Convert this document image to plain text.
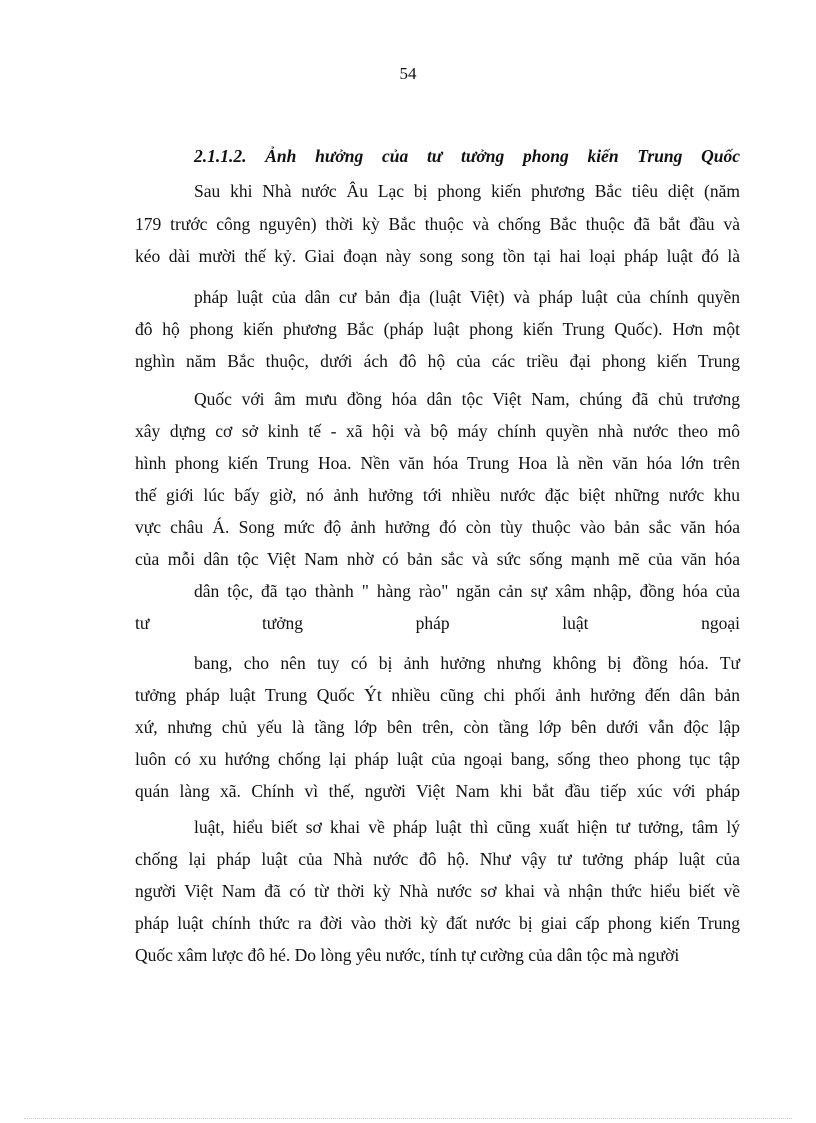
54
2.1.1.2. Ảnh hưởng của tư tưởng phong kiến Trung Quốc
Sau khi Nhà nước Âu Lạc bị phong kiến phương Bắc tiêu diệt (năm
179 trước công nguyên) thời kỳ Bắc thuộc và chống Bắc thuộc đã bắt đầu và
kéo dài mười thế kỷ. Giai đoạn này song song tồn tại hai loại pháp luật đó là
pháp luật của dân cư bản địa (luật Việt) và pháp luật của chính quyền
đô hộ phong kiến phương Bắc (pháp luật phong kiến Trung Quốc). Hơn một
nghìn năm Bắc thuộc, dưới ách đô hộ của các triều đại phong kiến Trung
Quốc với âm mưu đồng hóa dân tộc Việt Nam, chúng đã chủ trương
xây dựng cơ sở kinh tế - xã hội và bộ máy chính quyền nhà nước theo mô
hình phong kiến Trung Hoa. Nền văn hóa Trung Hoa là nền văn hóa lớn trên
thế giới lúc bấy giờ, nó ảnh hưởng tới nhiều nước đặc biệt những nước khu
vực châu Á. Song mức độ ảnh hưởng đó còn tùy thuộc vào bản sắc văn hóa
của mỗi dân tộc Việt Nam nhờ có bản sắc và sức sống mạnh mẽ của văn hóa
dân tộc, đã tạo thành " hàng rào" ngăn cản sự xâm nhập, đồng hóa của
tư tưởng pháp luật ngoại
bang, cho nên tuy có bị ảnh hưởng nhưng không bị đồng hóa. Tư
tưởng pháp luật Trung Quốc Ýt nhiều cũng chi phối ảnh hưởng đến dân bản
xứ, nhưng chủ yếu là tầng lớp bên trên, còn tầng lớp bên dưới vẫn độc lập
luôn có xu hướng chống lại pháp luật của ngoại bang, sống theo phong tục tập
quán làng xã. Chính vì thế, người Việt Nam khi bắt đầu tiếp xúc với pháp
luật, hiểu biết sơ khai về pháp luật thì cũng xuất hiện tư tưởng, tâm lý
chống lại pháp luật của Nhà nước đô hộ. Như vậy tư tưởng pháp luật của
người Việt Nam đã có từ thời kỳ Nhà nước sơ khai và nhận thức hiểu biết về
pháp luật chính thức ra đời vào thời kỳ đất nước bị giai cấp phong kiến Trung
Quốc xâm lược đô hé. Do lòng yêu nước, tính tự cường của dân tộc mà người
